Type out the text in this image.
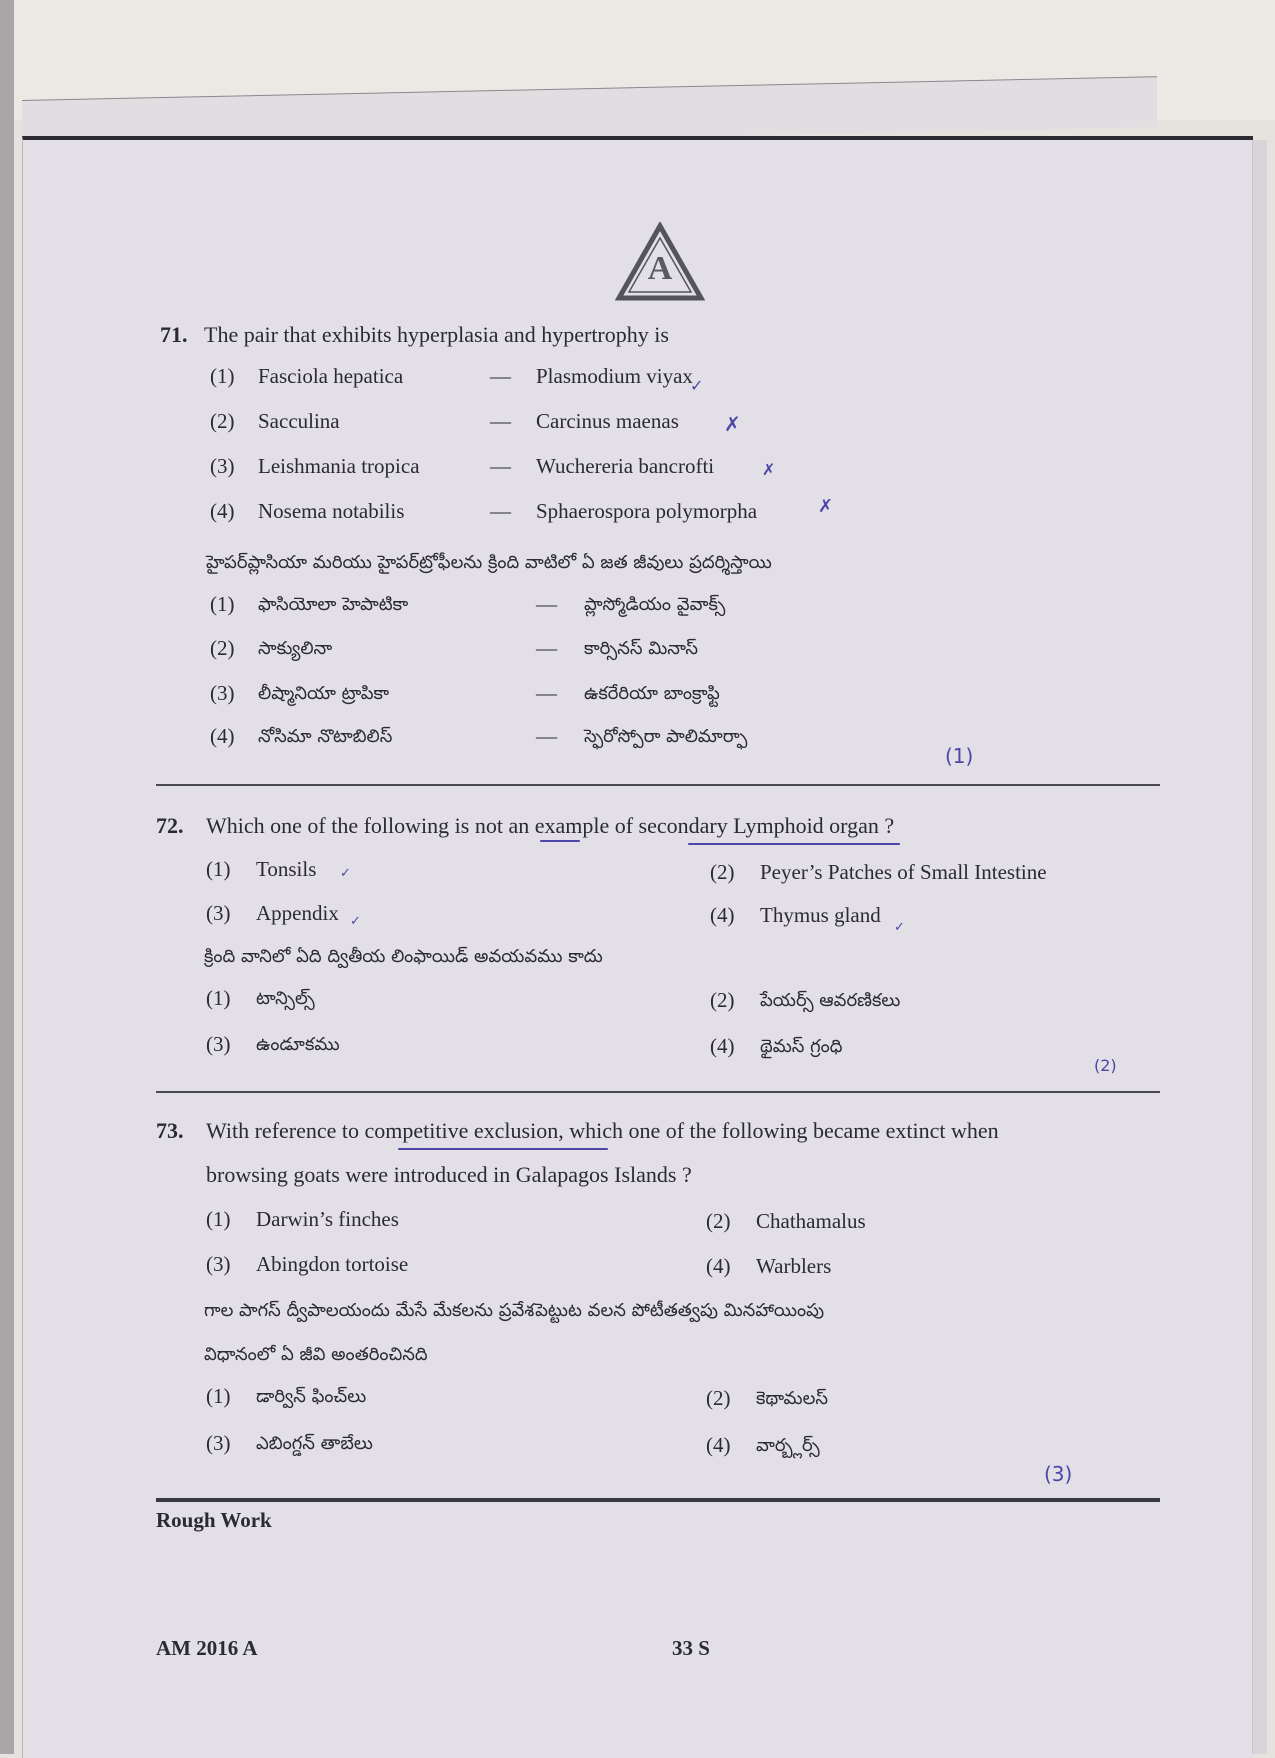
A
71. The pair that exhibits hyperplasia and hypertrophy is
(1) Fasciola hepatica	— Plasmodium viyax
✓
(2) Sacculina	— Carcinus maenas ✗
(3) Leishmania tropica	— Wuchereria bancrofti	✗
(4) Nosema notabilis	— Sphaerospora polymorpha	✗
హైపర్‌ప్లాసియా మరియు హైపర్‌ట్రోఫీలను క్రింది వాటిలో ఏ జత జీవులు ప్రదర్శిస్తాయి
(1) ఫాసియోలా హెపాటికా	— ప్లాస్మోడియం వైవాక్స్
(2) సాక్యులినా	— కార్సినస్ మినాస్
(3) లీష్మానియా ట్రాపికా	— ఉకరేరియా బాంక్రాఫ్టి
(4) నోసిమా నొటాబిలిస్	— స్ఫెరోస్పోరా పాలిమార్ఫా
(1)
72. Which one of the following is not an example of secondary Lymphoid organ ?
(1) Tonsils ✓	(2) Peyer’s Patches of Small Intestine
(3) Appendix ✓	(4) Thymus gland
✓
క్రింది వానిలో ఏది ద్వితీయ లింఫాయిడ్ అవయవము కాదు
(1) టాన్సిల్స్	(2) పేయర్స్ ఆవరణికలు
(3) ఉండూకము	(4) థైమస్ గ్రంధి
(2)
73. With reference to competitive exclusion, which one of the following became extinct when
browsing goats were introduced in Galapagos Islands ?
(1) Darwin’s finches	(2) Chathamalus
(3) Abingdon tortoise	(4) Warblers
గాల పాగస్ ద్వీపాలయందు మేసే మేకలను ప్రవేశపెట్టుట వలన పోటీతత్వపు మినహాయింపు
విధానంలో ఏ జీవి అంతరించినది
(1) డార్విన్ ఫించ్‌లు	(2) కెథామలస్
(3) ఎబింగ్డన్ తాబేలు	(4) వార్బ్లర్స్
(3)
Rough Work
AM 2016 A	33 S
